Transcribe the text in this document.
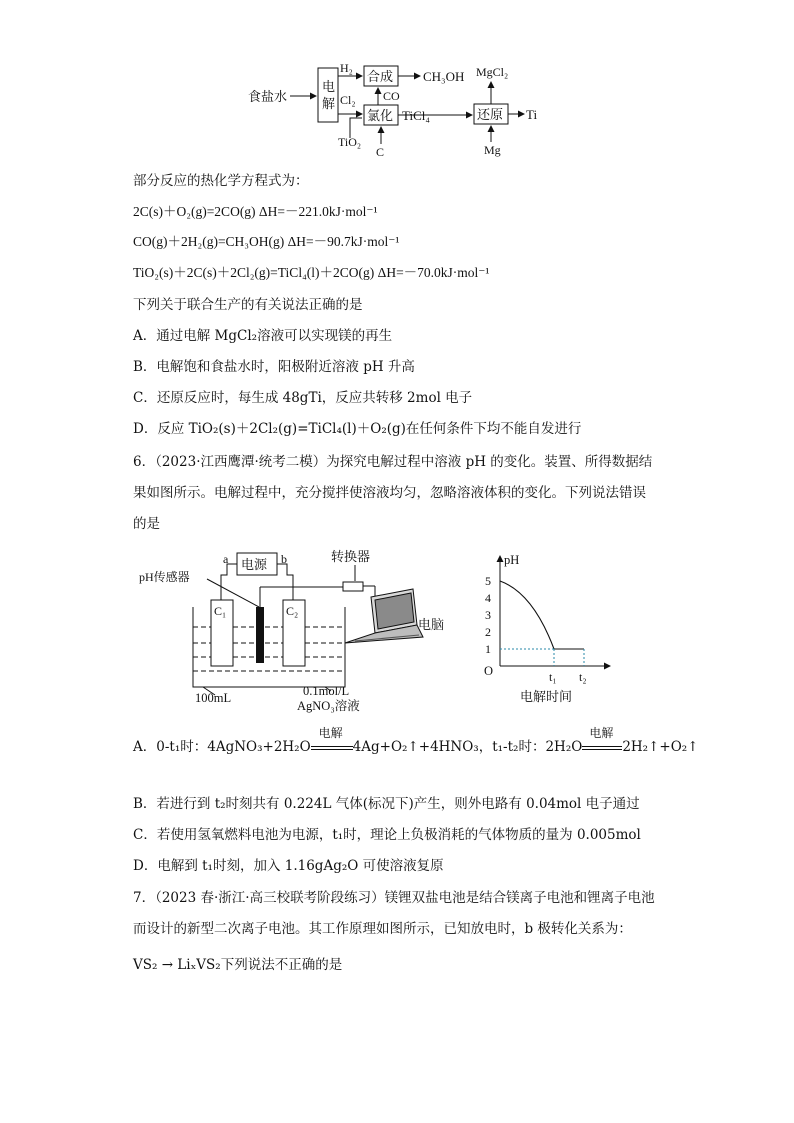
食盐水
电
解
H₂
合成 CH₃OH
Cl₂
氯化
CO
TiO₂
C
TiCl₄	还原 Ti
MgCl₂
Mg
部分反应的热化学方程式为：
2C(s)＋O₂(g)=2CO(g) ΔH=－221.0kJ·mol⁻¹
CO(g)＋2H₂(g)=CH₃OH(g) ΔH=－90.7kJ·mol⁻¹
TiO₂(s)＋2C(s)＋2Cl₂(g)=TiCl₄(l)＋2CO(g) ΔH=－70.0kJ·mol⁻¹
下列关于联合生产的有关说法正确的是
A．通过电解 MgCl₂溶液可以实现镁的再生
B．电解饱和食盐水时，阳极附近溶液 pH 升高
C．还原反应时，每生成 48gTi，反应共转移 2mol 电子
D．反应 TiO₂(s)＋2Cl₂(g)=TiCl₄(l)＋O₂(g)在任何条件下均不能自发进行
6．（2023·江西鹰潭·统考二模）为探究电解过程中溶液 pH 的变化。装置、所得数据结
果如图所示。电解过程中，充分搅拌使溶液均匀，忽略溶液体积的变化。下列说法错误
的是
电源
a	b
C₁	C₂
pH传感器
转换器
电脑
100mL	0.1mol/L
AgNO₃溶液
pH
O
1
2
3
4
5
t₁ t₂
电解时间
A．0-t₁时：4AgNO₃+2H₂O
电解
4Ag+O₂↑+4HNO₃，t₁-t₂时：2H₂O
电解
2H₂↑+O₂↑
B．若进行到 t₂时刻共有 0.224L 气体(标况下)产生，则外电路有 0.04mol 电子通过
C．若使用氢氧燃料电池为电源，t₁时，理论上负极消耗的气体物质的量为 0.005mol
D．电解到 t₁时刻，加入 1.16gAg₂O 可使溶液复原
7．（2023 春·浙江·高三校联考阶段练习）镁锂双盐电池是结合镁离子电池和锂离子电池
而设计的新型二次离子电池。其工作原理如图所示，已知放电时，b 极转化关系为：
VS₂ → LiₓVS₂下列说法不正确的是
